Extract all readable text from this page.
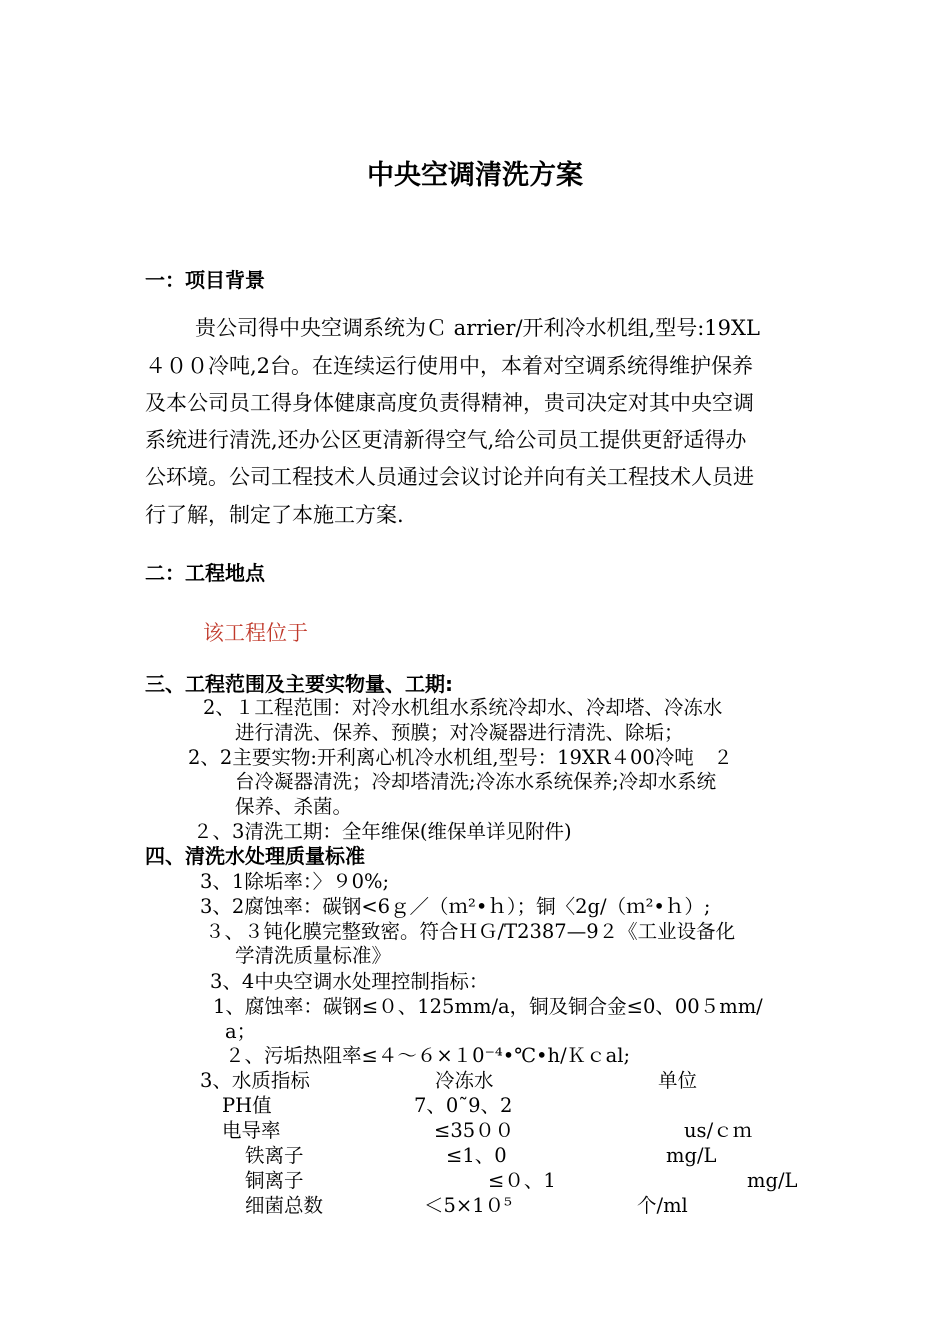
中央空调清洗方案
一：项目背景
贵公司得中央空调系统为Ｃ arrier/开利冷水机组,型号:19XL
４００冷吨,2台。在连续运行使用中，本着对空调系统得维护保养
及本公司员工得身体健康高度负责得精神，贵司决定对其中央空调
系统进行清洗,还办公区更清新得空气,给公司员工提供更舒适得办
公环境。公司工程技术人员通过会议讨论并向有关工程技术人员进
行了解，制定了本施工方案.
二：工程地点
该工程位于
三、工程范围及主要实物量、工期:
2、１工程范围：对冷水机组水系统冷却水、冷却塔、冷冻水
进行清洗、保养、预膜；对冷凝器进行清洗、除垢；
2、2主要实物:开利离心机冷水机组,型号：19XR４00冷吨　２
台冷凝器清洗；冷却塔清洗;冷冻水系统保养;冷却水系统
保养、杀菌。
２、3清洗工期：全年维保(维保单详见附件)
四、清洗水处理质量标准
3、1除垢率：〉９0%;
3、2腐蚀率：碳钢<6ｇ／（ｍ²•ｈ）；铜〈2g/（ｍ²•ｈ）;
３、３钝化膜完整致密。符合ＨＧ/T2387—9２《工业设备化
学清洗质量标准》
3、4中央空调水处理控制指标：
1、腐蚀率：碳钢≤０、125mm/a，铜及铜合金≤0、00５mm/
a；
２、污垢热阻率≤４～６×１0⁻⁴•℃•h/Ｋｃal;
3、水质指标	冷冻水	单位
PH值	7、0˜9、2
电导率	≤35００	us/ｃｍ
铁离子	≤1、0	mg/L
铜离子	≤０、1	mg/L
细菌总数	＜5×1０⁵	个/ml
